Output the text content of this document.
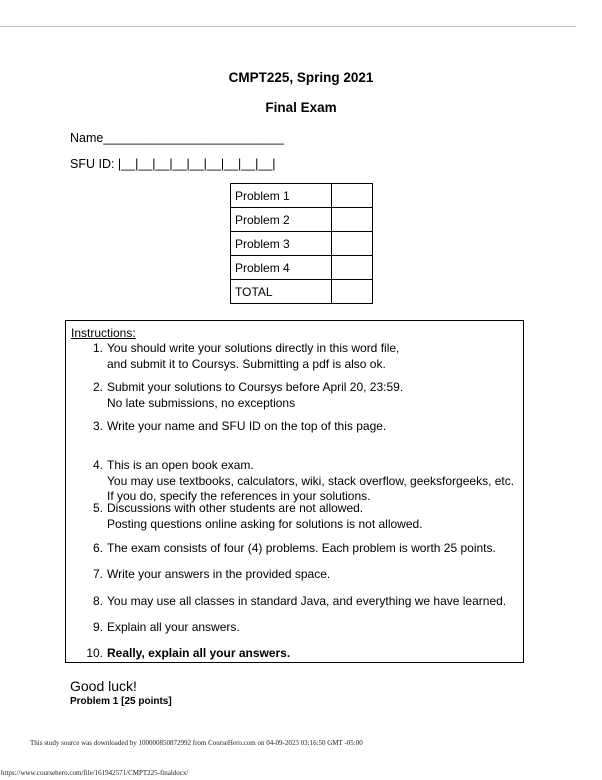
CMPT225, Spring 2021
Final Exam
Name__________________________
SFU ID: |__|__|__|__|__|__|__|__|__|
Problem 1	
Problem 2	
Problem 3	
Problem 4	
TOTAL	
Instructions:
1. You should write your solutions directly in this word file,
and submit it to Coursys. Submitting a pdf is also ok.
2. Submit your solutions to Coursys before April 20, 23:59.
No late submissions, no exceptions
3. Write your name and SFU ID on the top of this page.
4. This is an open book exam.
You may use textbooks, calculators, wiki, stack overflow, geeksforgeeks, etc.
If you do, specify the references in your solutions.
5. Discussions with other students are not allowed.
Posting questions online asking for solutions is not allowed.
6. The exam consists of four (4) problems. Each problem is worth 25 points.
7. Write your answers in the provided space.
8. You may use all classes in standard Java, and everything we have learned.
9. Explain all your answers.
10. Really, explain all your answers.
Good luck!
Problem 1 [25 points]
This study source was downloaded by 100000850872992 from CourseHero.com on 04-09-2023 03:16:50 GMT -05:00
https://www.coursehero.com/file/161942571/CMPT225-finaldocx/
